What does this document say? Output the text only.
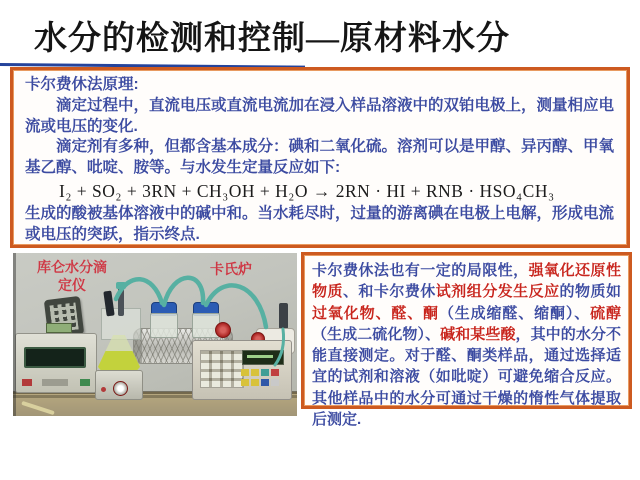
水分的检测和控制—原材料水分

卡尔费休法原理:

滴定过程中，直流电压或直流电流加在浸入样品溶液中的双铂电极上，测量相应电流或电压的变化.

滴定剂有多种，但都含基本成分：碘和二氧化硫。溶剂可以是甲醇、异丙醇、甲氧基乙醇、吡啶、胺等。与水发生定量反应如下:

I₂ + SO₂ + 3RN + CH₃OH + H₂O → 2RN · HI + RNB · HSO₄CH₃

生成的酸被基体溶液中的碱中和。当水耗尽时，过量的游离碘在电极上电解，形成电流或电压的突跃，指示终点.

库仑水分滴定仪
卡氏炉	卡尔费休法也有一定的局限性，强氧化还原性物质、和卡尔费休试剂组分发生反应的物质如过氧化物、醛、酮（生成缩醛、缩酮）、硫醇（生成二硫化物）、碱和某些酸，其中的水分不能直接测定。对于醛、酮类样品，通过选择适宜的试剂和溶液（如吡啶）可避免缩合反应。其他样品中的水分可通过干燥的惰性气体提取后测定.
